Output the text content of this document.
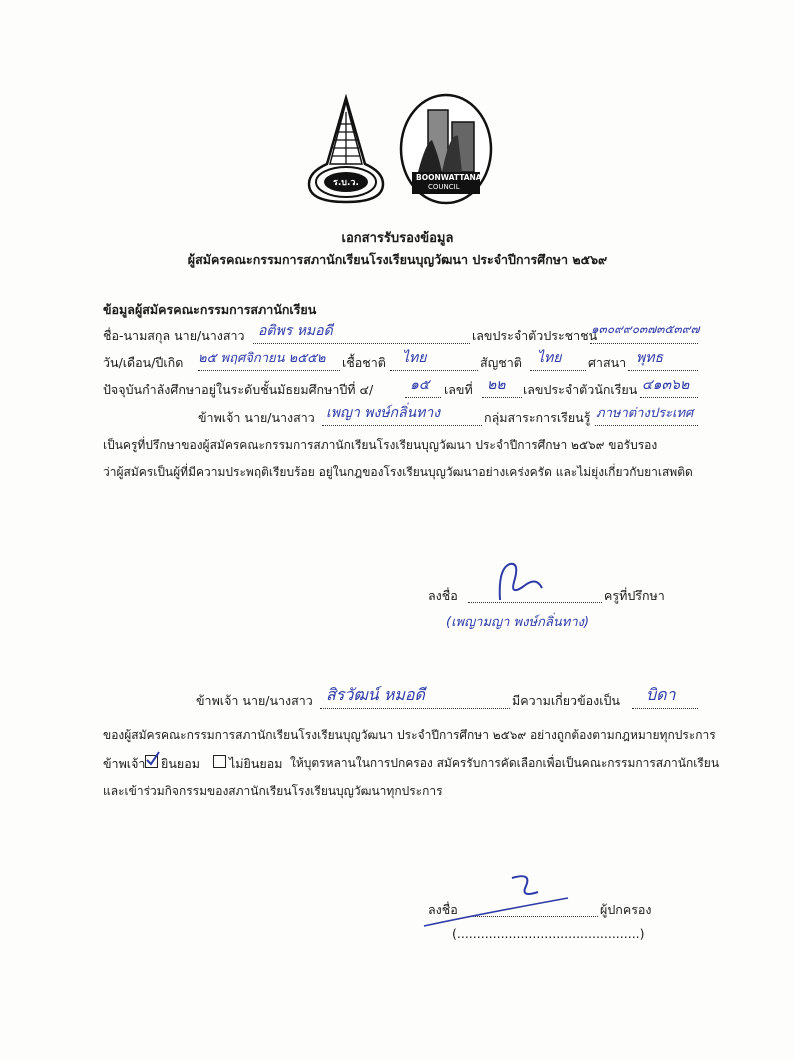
ร.บ.ว.
BOONWATTANA
COUNCIL
เอกสารรับรองข้อมูล
ผู้สมัครคณะกรรมการสภานักเรียนโรงเรียนบุญวัฒนา ประจำปีการศึกษา ๒๕๖๙
ข้อมูลผู้สมัครคณะกรรมการสภานักเรียน
ชื่อ-นามสกุล นาย/นางสาว อติพร หมอดี	เลขประจำตัวประชาชน
๑๓๐๙๙๐๓๗๓๕๓๙๗
วัน/เดือน/ปีเกิด ๒๕ พฤศจิกายน ๒๕๕๒ เชื้อชาติ ไทย	สัญชาติ ไทย ศาสนา พุทธ
ปัจจุบันกำลังศึกษาอยู่ในระดับชั้นมัธยมศึกษาปีที่ ๔/	๑๕ เลขที่ ๒๒ เลขประจำตัวนักเรียน ๔๑๓๖๒
ข้าพเจ้า นาย/นางสาว เพญา พงษ์กลิ่นทาง	กลุ่มสาระการเรียนรู้ ภาษาต่างประเทศ
เป็นครูที่ปรึกษาของผู้สมัครคณะกรรมการสภานักเรียนโรงเรียนบุญวัฒนา ประจำปีการศึกษา ๒๕๖๙ ขอรับรอง
ว่าผู้สมัครเป็นผู้ที่มีความประพฤติเรียบร้อย อยู่ในกฎของโรงเรียนบุญวัฒนาอย่างเคร่งครัด และไม่ยุ่งเกี่ยวกับยาเสพติด
ลงชื่อ	ครูที่ปรึกษา
(เพญามญา พงษ์กลิ่นทาง)
ข้าพเจ้า นาย/นางสาว สิรวัฒน์ หมอดี	มีความเกี่ยวข้องเป็น บิดา
ของผู้สมัครคณะกรรมการสภานักเรียนโรงเรียนบุญวัฒนา ประจำปีการศึกษา ๒๕๖๙ อย่างถูกต้องตามกฎหมายทุกประการ
ข้าพเจ้า ยินยอม ไม่ยินยอม ให้บุตรหลานในการปกครอง สมัครรับการคัดเลือกเพื่อเป็นคณะกรรมการสภานักเรียน
และเข้าร่วมกิจกรรมของสภานักเรียนโรงเรียนบุญวัฒนาทุกประการ
ลงชื่อ	ผู้ปกครอง
(..............................................)
